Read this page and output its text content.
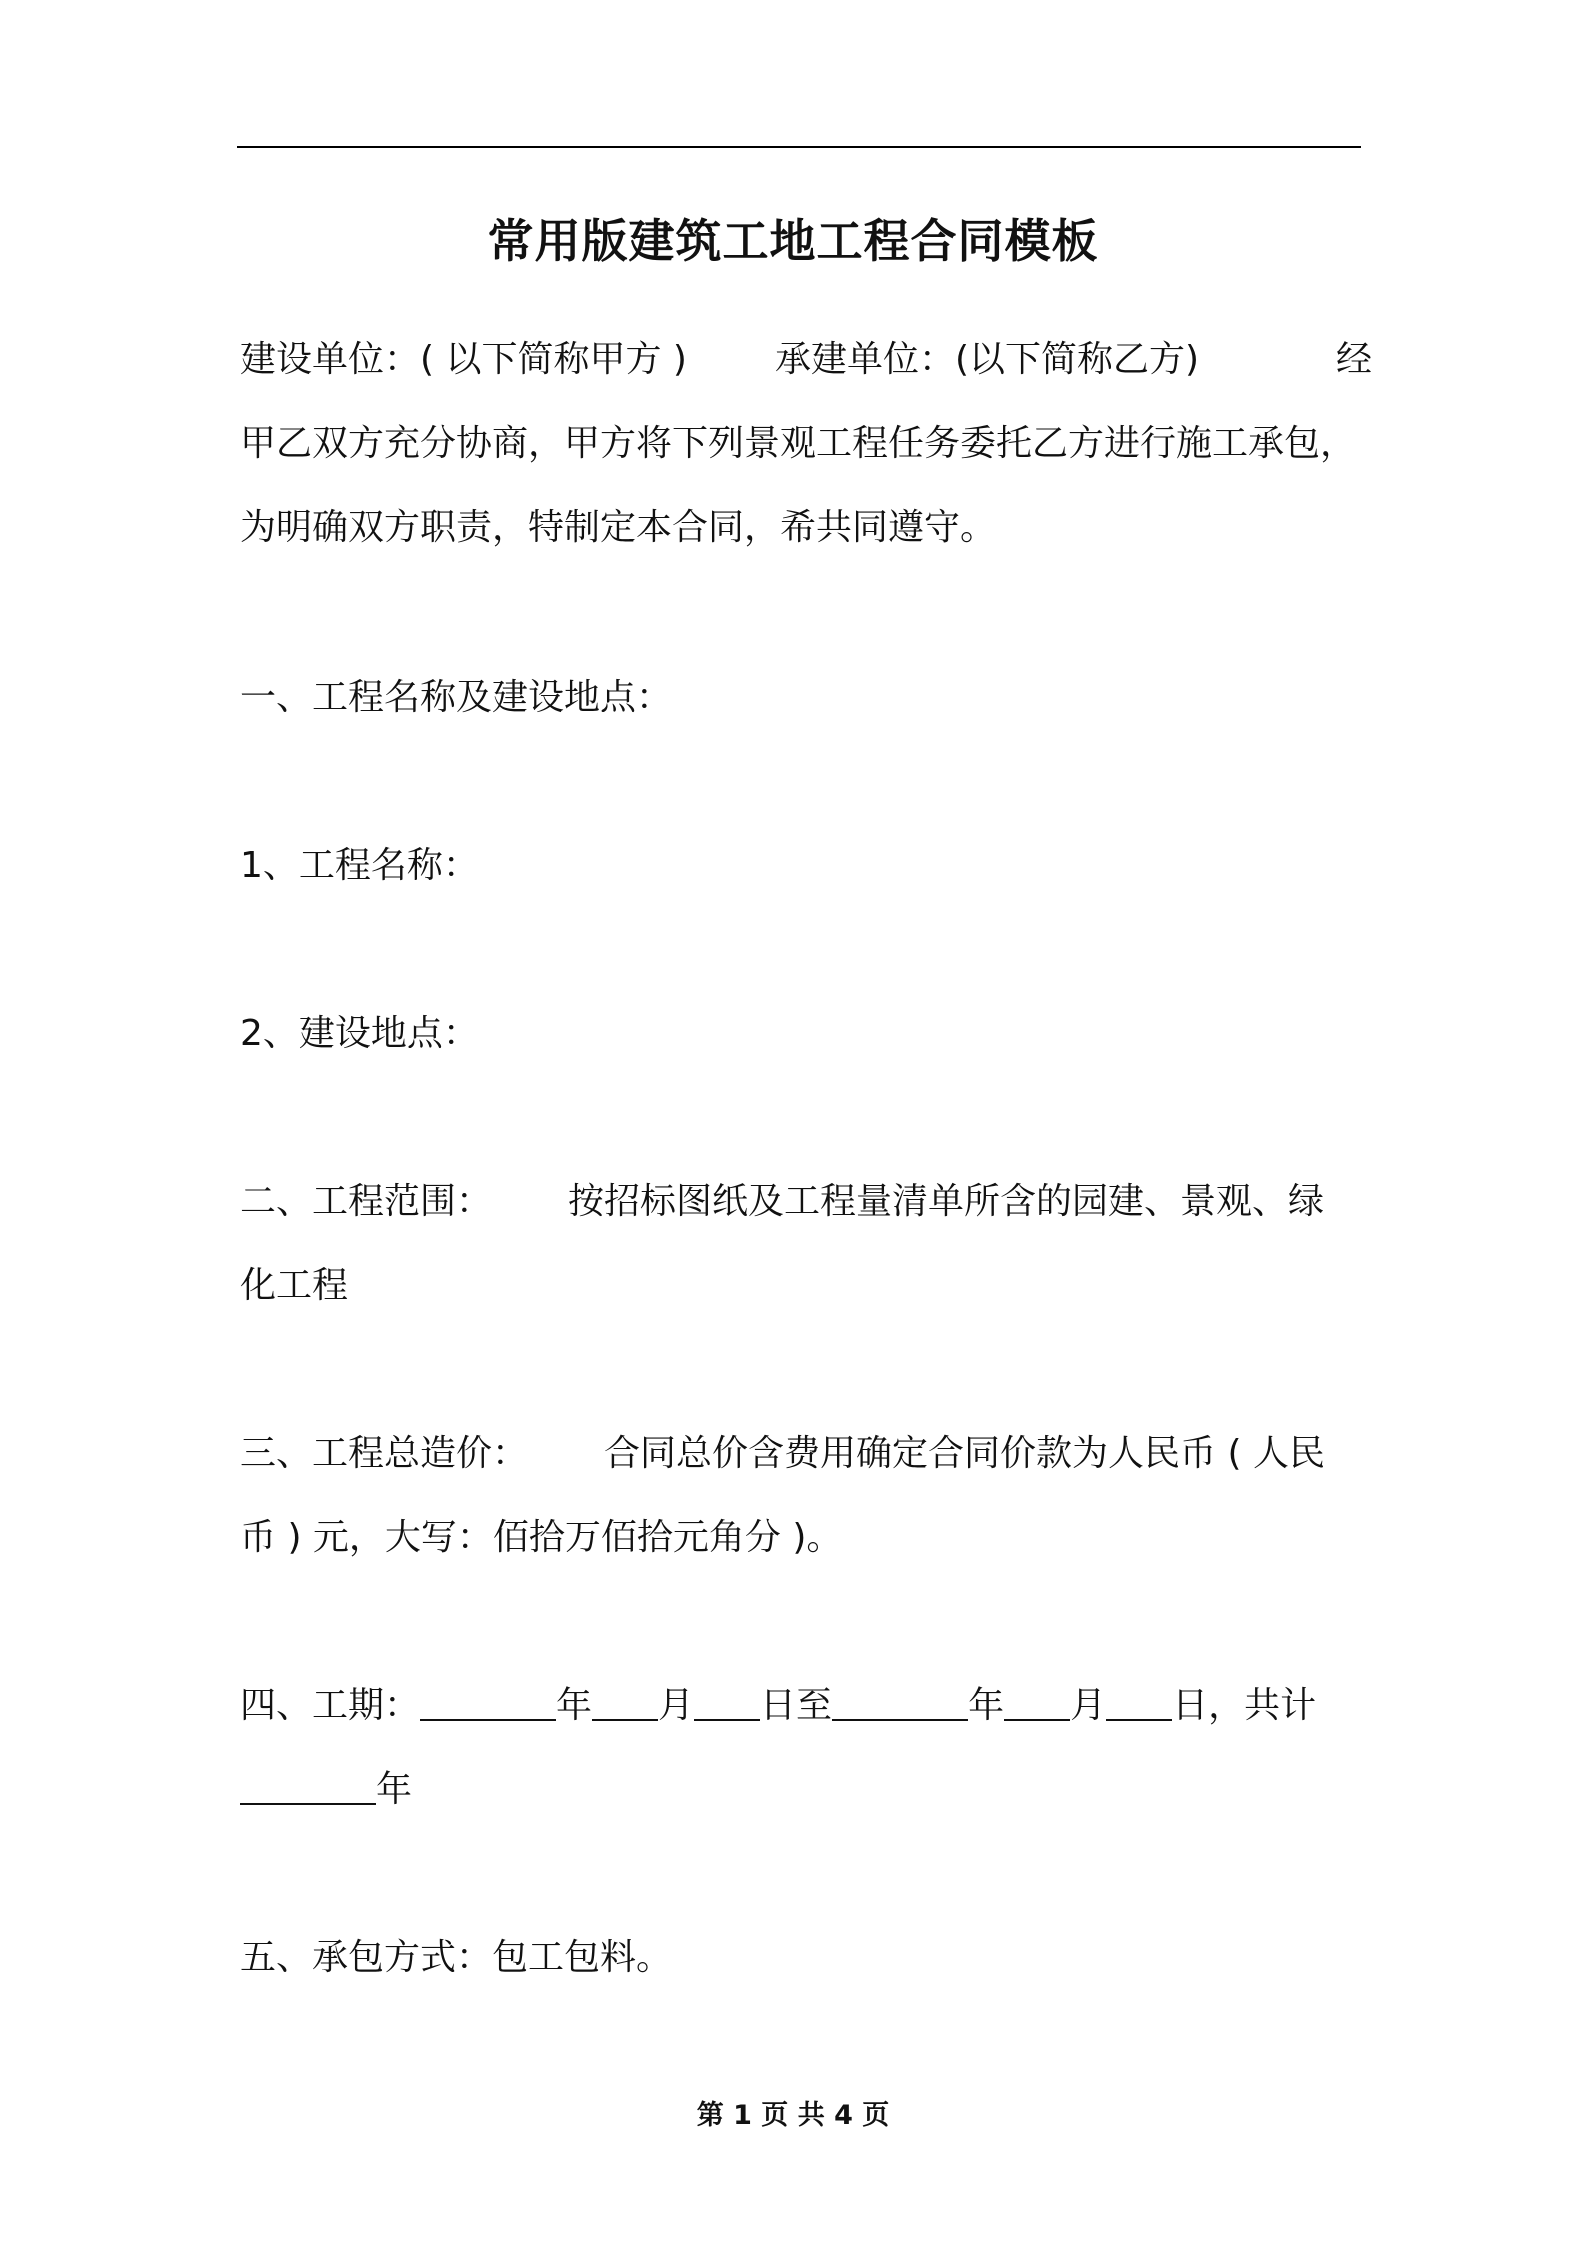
常用版建筑工地工程合同模板
建设单位：( 以下简称甲方 ) 承建单位：(以下简称乙方)	经
甲乙双方充分协商，甲方将下列景观工程任务委托乙方进行施工承包，
为明确双方职责，特制定本合同，希共同遵守。
一、工程名称及建设地点：
1、工程名称：
2、建设地点：
二、工程范围： 按招标图纸及工程量清单所含的园建、景观、绿
化工程
三、工程总造价： 合同总价含费用确定合同价款为人民币 ( 人民
币 ) 元，大写：佰拾万佰拾元角分 )。
四、工期：	年 月 日至	年 月 日，共计
年
五、承包方式：包工包料。
第 1 页 共 4 页
